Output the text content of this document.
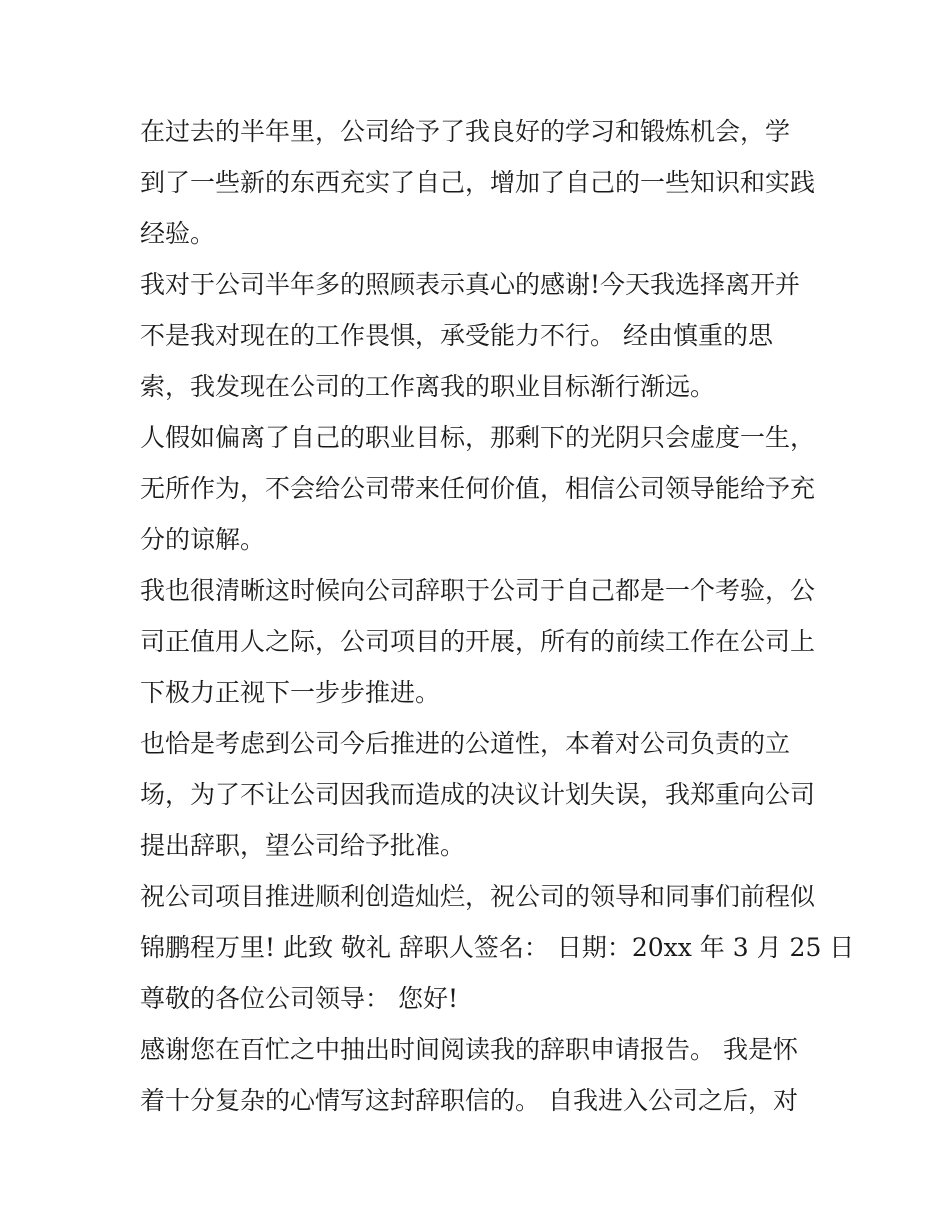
在过去的半年里，公司给予了我良好的学习和锻炼机会，学
到了一些新的东西充实了自己，增加了自己的一些知识和实践
经验。
我对于公司半年多的照顾表示真心的感谢!今天我选择离开并
不是我对现在的工作畏惧，承受能力不行。 经由慎重的思
索，我发现在公司的工作离我的职业目标渐行渐远。
人假如偏离了自己的职业目标，那剩下的光阴只会虚度一生，
无所作为，不会给公司带来任何价值，相信公司领导能给予充
分的谅解。
我也很清晰这时候向公司辞职于公司于自己都是一个考验，公
司正值用人之际，公司项目的开展，所有的前续工作在公司上
下极力正视下一步步推进。
也恰是考虑到公司今后推进的公道性，本着对公司负责的立
场，为了不让公司因我而造成的决议计划失误，我郑重向公司
提出辞职，望公司给予批准。
祝公司项目推进顺利创造灿烂，祝公司的领导和同事们前程似
锦鹏程万里! 此致 敬礼 辞职人签名： 日期：20xx 年 3 月 25 日
尊敬的各位公司领导： 您好!
感谢您在百忙之中抽出时间阅读我的辞职申请报告。 我是怀
着十分复杂的心情写这封辞职信的。 自我进入公司之后，对
